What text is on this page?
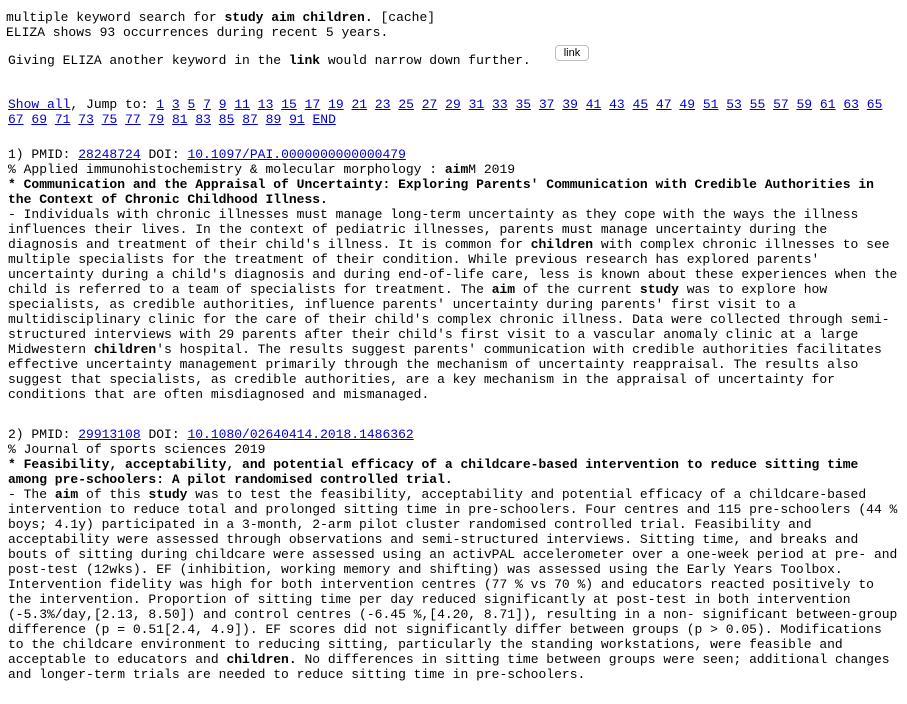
multiple keyword search for study aim children. [cache]
ELIZA shows 93 occurrences during recent 5 years.
Giving ELIZA another keyword in the link would narrow down further.	link
Show all, Jump to: 1 3 5 7 9 11 13 15 17 19 21 23 25 27 29 31 33 35 37 39 41 43 45 47 49 51 53 55 57 59 61 63 65 67 69 71 73 75 77 79 81 83 85 87 89 91 END
1) PMID: 28248724 DOI: 10.1097/PAI.0000000000000479
% Applied immunohistochemistry & molecular morphology : aimM 2019
* Communication and the Appraisal of Uncertainty: Exploring Parents' Communication with Credible Authorities in the Context of Chronic Childhood Illness.

- Individuals with chronic illnesses must manage long-term uncertainty as they cope with the ways the illness influences their lives. In the context of pediatric illnesses, parents must manage uncertainty during the diagnosis and treatment of their child's illness. It is common for children with complex chronic illnesses to see multiple specialists for the treatment of their condition. While previous research has explored parents' uncertainty during a child's diagnosis and during end-of-life care, less is known about these experiences when the child is referred to a team of specialists for treatment. The aim of the current study was to explore how specialists, as credible authorities, influence parents' uncertainty during parents' first visit to a multidisciplinary clinic for the care of their child's complex chronic illness. Data were collected through semi-structured interviews with 29 parents after their child's first visit to a vascular anomaly clinic at a large Midwestern children's hospital. The results suggest parents' communication with credible authorities facilitates effective uncertainty management primarily through the mechanism of uncertainty reappraisal. The results also suggest that specialists, as credible authorities, are a key mechanism in the appraisal of uncertainty for conditions that are often misdiagnosed and mismanaged.

2) PMID: 29913108 DOI: 10.1080/02640414.2018.1486362
% Journal of sports sciences 2019
* Feasibility, acceptability, and potential efficacy of a childcare-based intervention to reduce sitting time among pre-schoolers: A pilot randomised controlled trial.

- The aim of this study was to test the feasibility, acceptability and potential efficacy of a childcare-based intervention to reduce total and prolonged sitting time in pre-schoolers. Four centres and 115 pre-schoolers (44 % boys; 4.1y) participated in a 3-month, 2-arm pilot cluster randomised controlled trial. Feasibility and acceptability were assessed through observations and semi-structured interviews. Sitting time, and breaks and bouts of sitting during childcare were assessed using an activPAL accelerometer over a one-week period at pre- and post-test (12wks). EF (inhibition, working memory and shifting) was assessed using the Early Years Toolbox. Intervention fidelity was high for both intervention centres (77 % vs 70 %) and educators reacted positively to the intervention. Proportion of sitting time per day reduced significantly at post-test in both intervention (-5.3%/day,[2.13, 8.50]) and control centres (-6.45 %,[4.20, 8.71]), resulting in a non- significant between-group difference (p = 0.51[2.4, 4.9]). EF scores did not significantly differ between groups (p > 0.05). Modifications to the childcare environment to reducing sitting, particularly the standing workstations, were feasible and acceptable to educators and children. No differences in sitting time between groups were seen; additional changes and longer-term trials are needed to reduce sitting time in pre-schoolers.
